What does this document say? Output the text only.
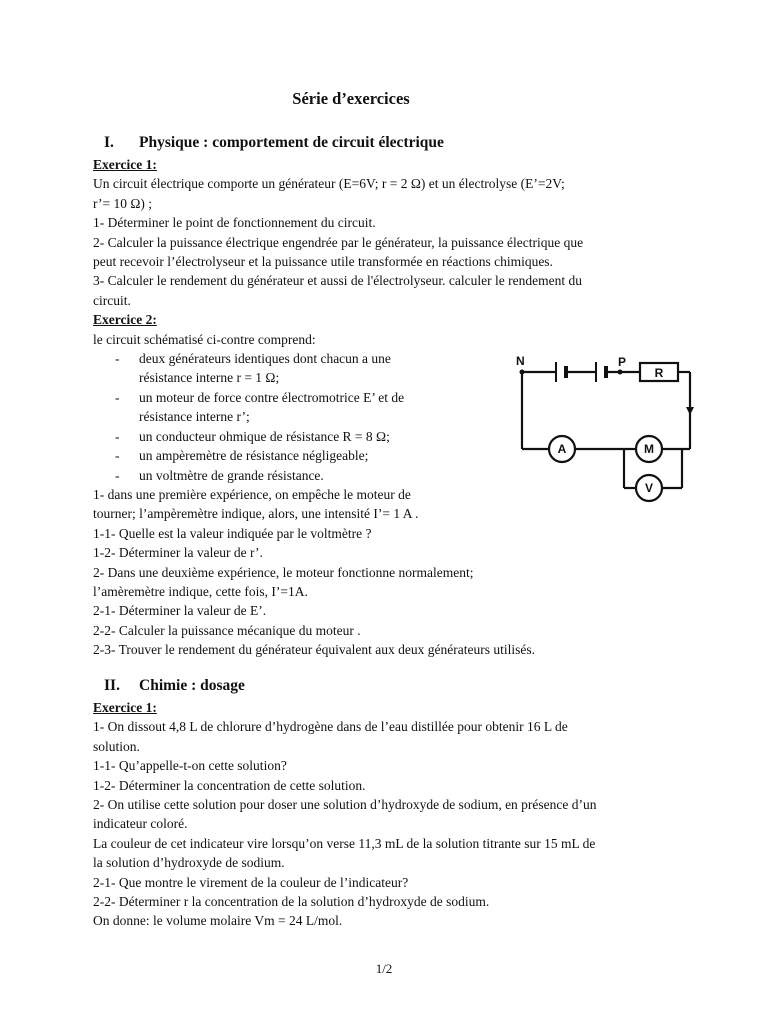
Série d’exercices
I. Physique : comportement de circuit électrique
Exercice 1:
Un circuit électrique comporte un générateur (E=6V; r = 2 Ω) et un électrolyse (E’=2V;
r’= 10 Ω) ;
1- Déterminer le point de fonctionnement du circuit.
2- Calculer la puissance électrique engendrée par le générateur, la puissance électrique que
peut recevoir l’électrolyseur et la puissance utile transformée en réactions chimiques.
3- Calculer le rendement du générateur et aussi de l'électrolyseur. calculer le rendement du
circuit.
Exercice 2:
le circuit schématisé ci-contre comprend:
- deux générateurs identiques dont chacun a une
résistance interne r = 1 Ω;
- un moteur de force contre électromotrice E’ et de
résistance interne r’;
- un conducteur ohmique de résistance R = 8 Ω;
- un ampèremètre de résistance négligeable;
- un voltmètre de grande résistance.
1- dans une première expérience, on empêche le moteur de
tourner; l’ampèremètre indique, alors, une intensité I’= 1 A .
1-1- Quelle est la valeur indiquée par le voltmètre ?
1-2- Déterminer la valeur de r’.
2- Dans une deuxième expérience, le moteur fonctionne normalement;
l’amèremètre indique, cette fois, I’=1A.
2-1- Déterminer la valeur de E’.
2-2- Calculer la puissance mécanique du moteur .
2-3- Trouver le rendement du générateur équivalent aux deux générateurs utilisés.
N	P
R
A	M
V
II. Chimie : dosage
Exercice 1:
1- On dissout 4,8 L de chlorure d’hydrogène dans de l’eau distillée pour obtenir 16 L de
solution.
1-1- Qu’appelle-t-on cette solution?
1-2- Déterminer la concentration de cette solution.
2- On utilise cette solution pour doser une solution d’hydroxyde de sodium, en présence d’un
indicateur coloré.
La couleur de cet indicateur vire lorsqu’on verse 11,3 mL de la solution titrante sur 15 mL de
la solution d’hydroxyde de sodium.
2-1- Que montre le virement de la couleur de l’indicateur?
2-2- Déterminer r la concentration de la solution d’hydroxyde de sodium.
On donne: le volume molaire Vm = 24 L/mol.
1/2
